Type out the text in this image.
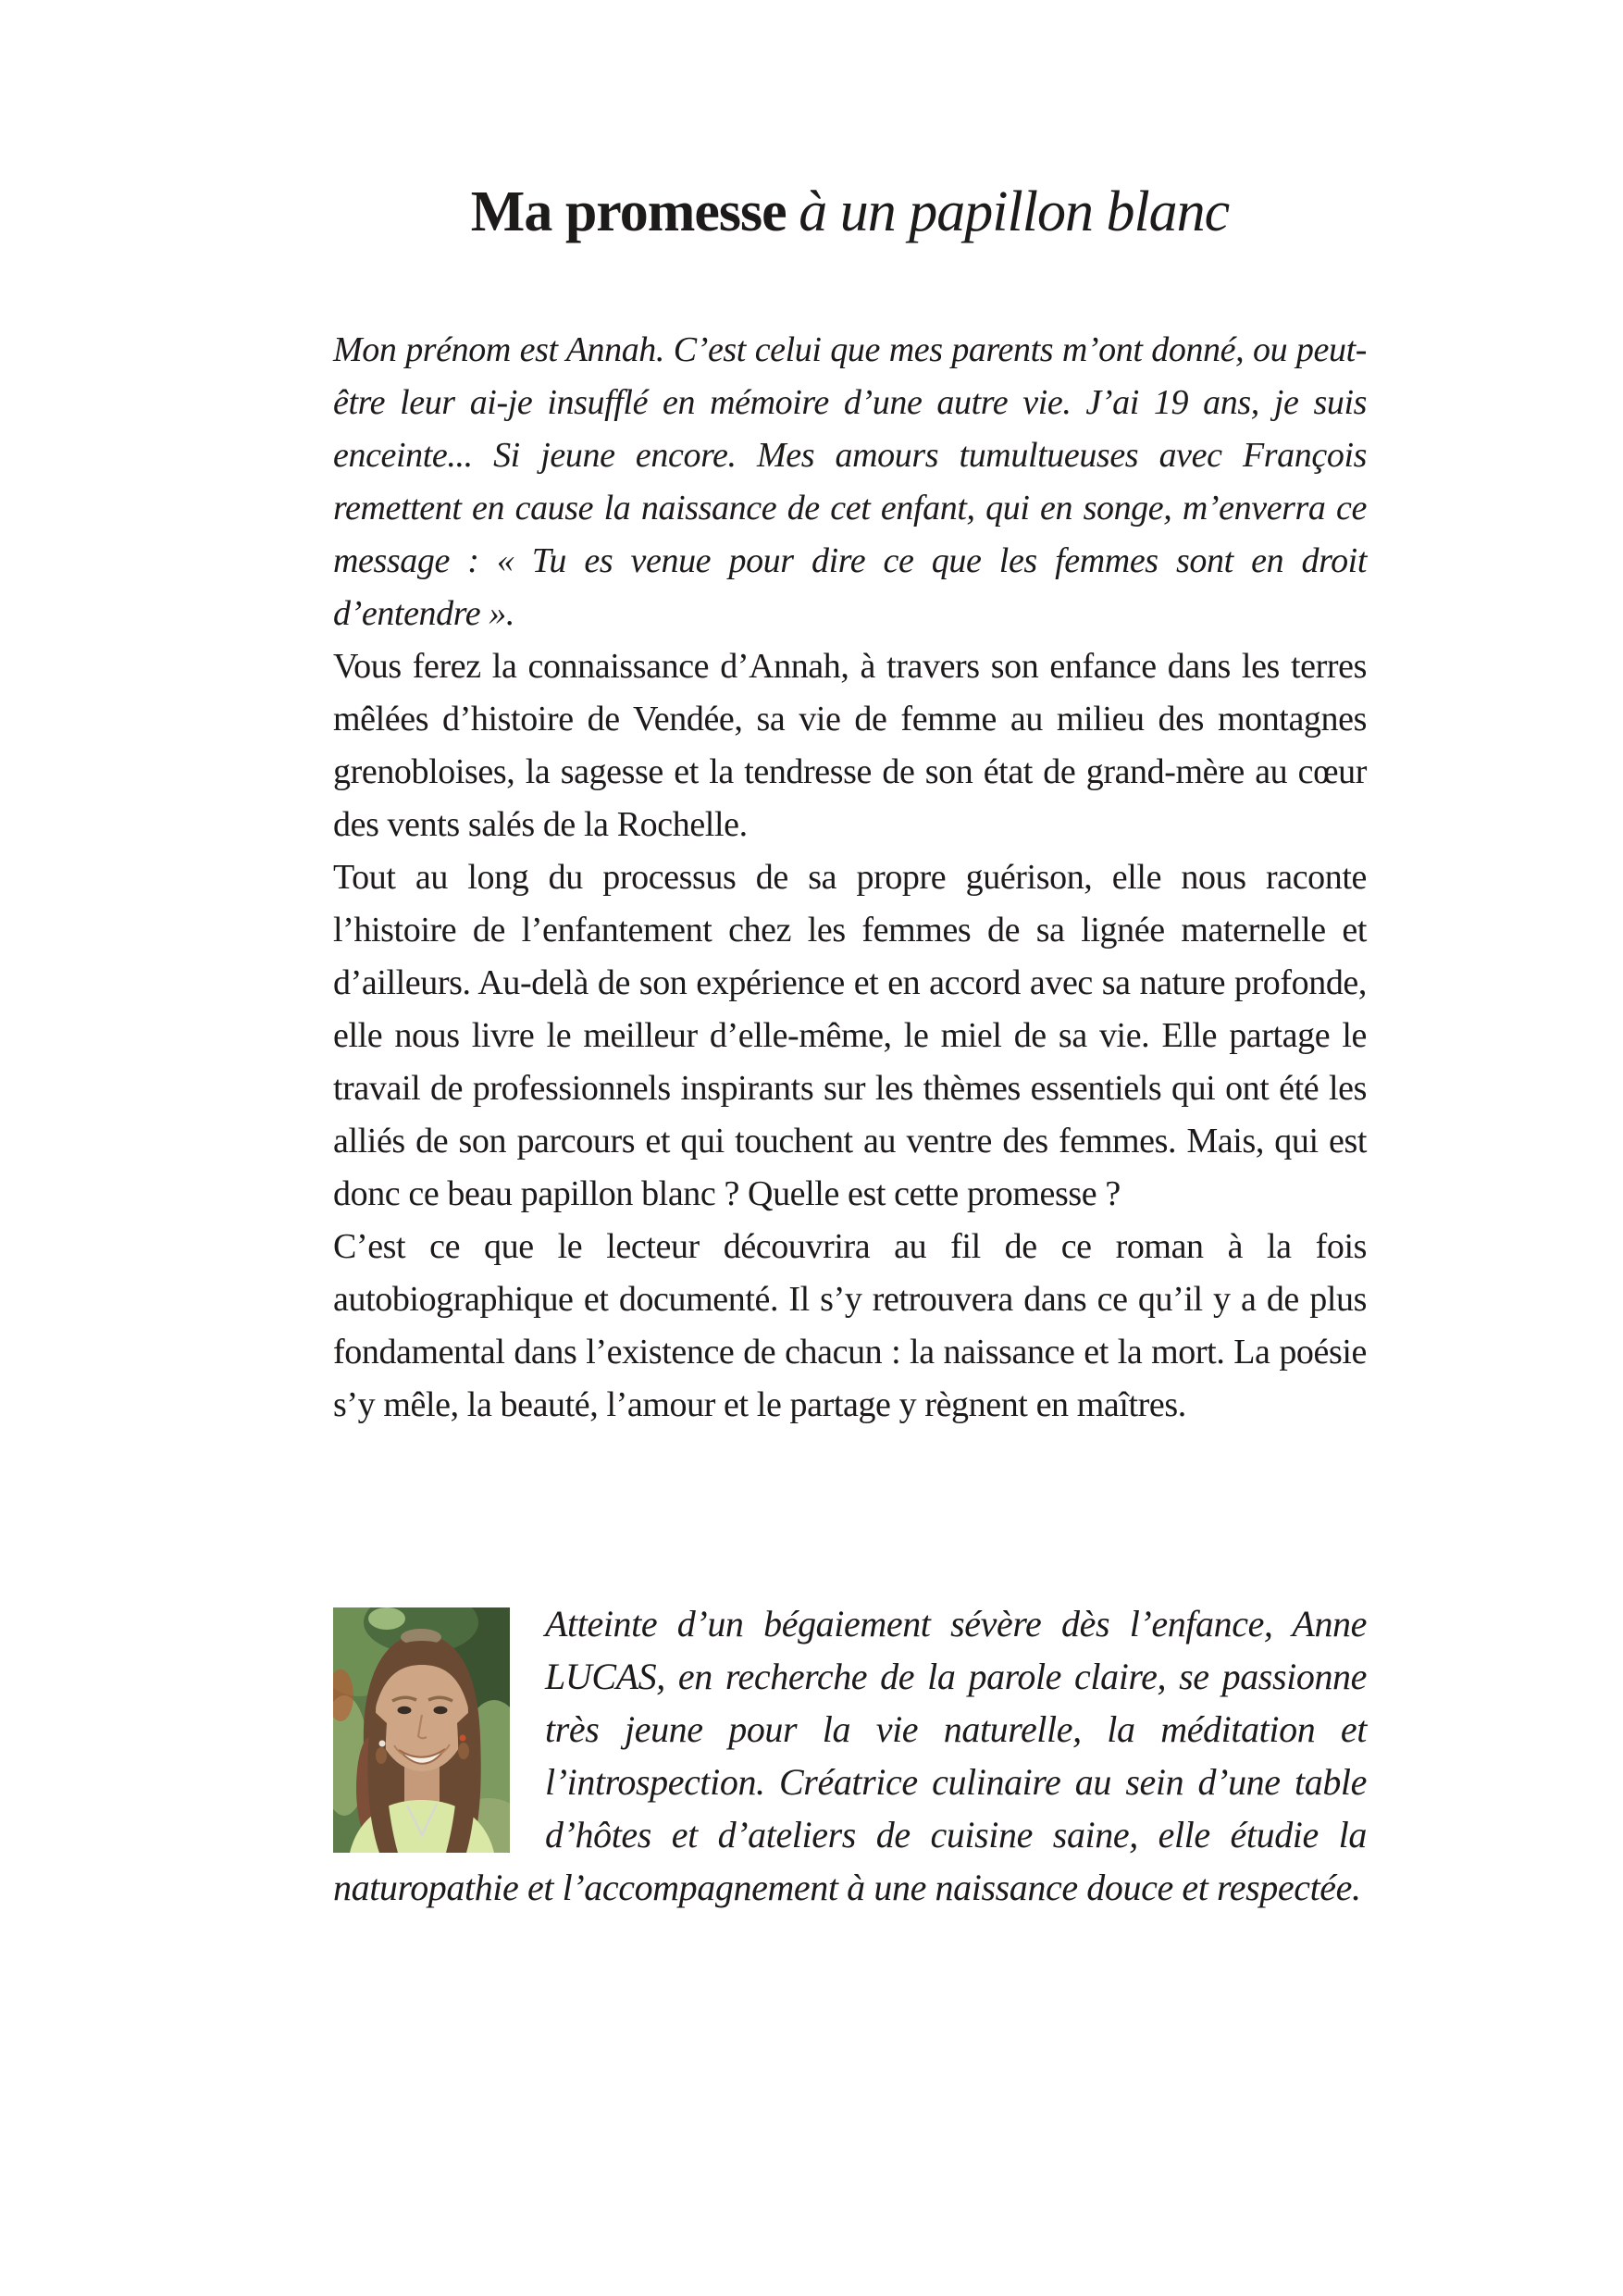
Ma promesse à un papillon blanc

Mon prénom est Annah. C’est celui que mes parents m’ont donné, ou peut-être leur ai-je insufflé en mémoire d’une autre vie. J’ai 19 ans, je suis enceinte... Si jeune encore. Mes amours tumultueuses avec François remettent en cause la naissance de cet enfant, qui en songe, m’enverra ce message : « Tu es venue pour dire ce que les femmes sont en droit d’entendre ».

Vous ferez la connaissance d’Annah, à travers son enfance dans les terres mêlées d’histoire de Vendée, sa vie de femme au milieu des montagnes grenobloises, la sagesse et la tendresse de son état de grand-mère au cœur des vents salés de la Rochelle.

Tout au long du processus de sa propre guérison, elle nous raconte l’histoire de l’enfantement chez les femmes de sa lignée maternelle et d’ailleurs. Au-delà de son expérience et en accord avec sa nature profonde, elle nous livre le meilleur d’elle-même, le miel de sa vie. Elle partage le travail de professionnels inspirants sur les thèmes essentiels qui ont été les alliés de son parcours et qui touchent au ventre des femmes. Mais, qui est donc ce beau papillon blanc ? Quelle est cette promesse ?

C’est ce que le lecteur découvrira au fil de ce roman à la fois autobiographique et documenté. Il s’y retrouvera dans ce qu’il y a de plus fondamental dans l’existence de chacun : la naissance et la mort. La poésie s’y mêle, la beauté, l’amour et le partage y règnent en maîtres.

Atteinte d’un bégaiement sévère dès l’enfance, Anne LUCAS, en recherche de la parole claire, se passionne très jeune pour la vie naturelle, la méditation et l’introspection. Créatrice culinaire au sein d’une table d’hôtes et d’ateliers de cuisine saine, elle étudie la naturopathie et l’accompagnement à une naissance douce et respectée.
